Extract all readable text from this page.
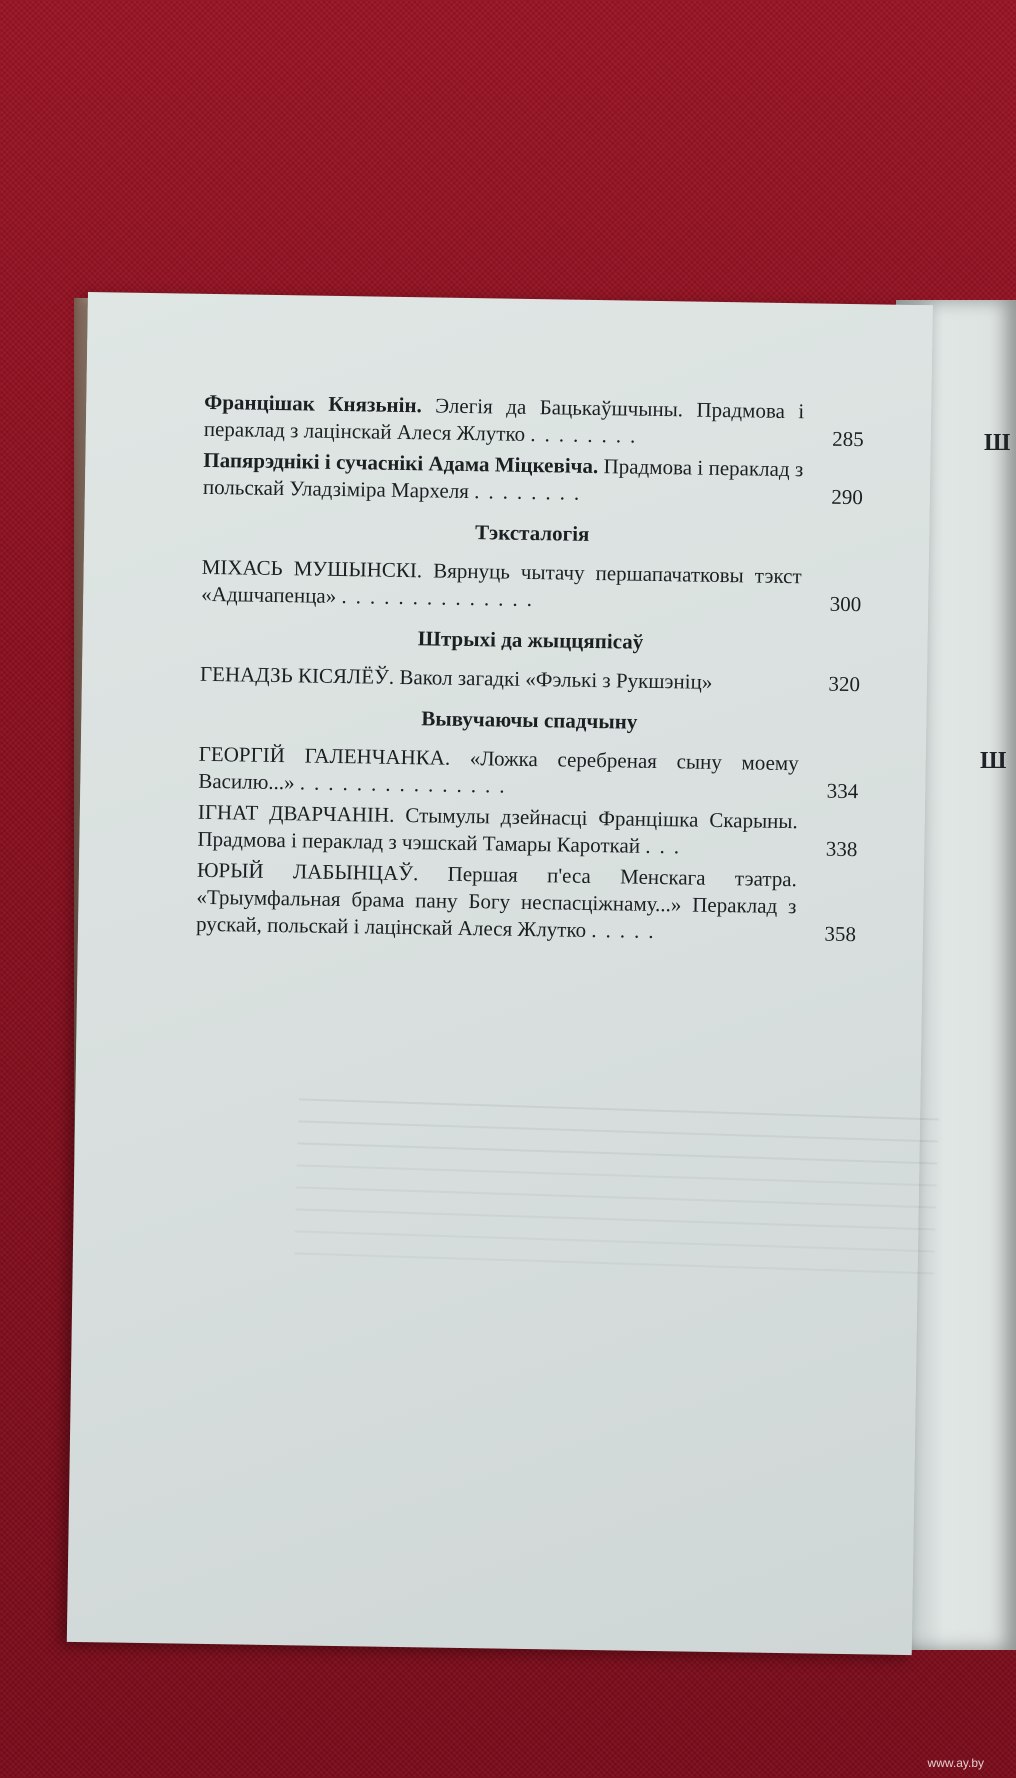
Ш
Ш
Францішак Князьнін. Элегія да Бацькаўшчыны. Прадмова і пераклад з лацінскай Алеся Жлутко ........	285
Папярэднікі і сучаснікі Адама Міцкевіча. Прадмова і пераклад з польскай Уладзіміра Мархеля ........	290
Тэксталогія
МІХАСЬ МУШЫНСКІ. Вярнуць чытачу першапачатковы тэкст «Адшчапенца» ..............	300
Штрыхі да жыццяпісаў
ГЕНАДЗЬ КІСЯЛЁЎ. Вакол загадкі «Фэлькі з Рукшэніц»	320
Вывучаючы спадчыну
ГЕОРГІЙ ГАЛЕНЧАНКА. «Ложка серебреная сыну моему Василю...» ...............	334
ІГНАТ ДВАРЧАНІН. Стымулы дзейнасці Францішка Скарыны. Прадмова і пераклад з чэшскай Тамары Кароткай ...	338
ЮРЫЙ ЛАБЫНЦАЎ. Першая п'еса Менскага тэатра. «Трыумфальная брама пану Богу неспасціжнаму...» Пераклад з рускай, польскай і лацінскай Алеся Жлутко .....	358
www.ay.by
